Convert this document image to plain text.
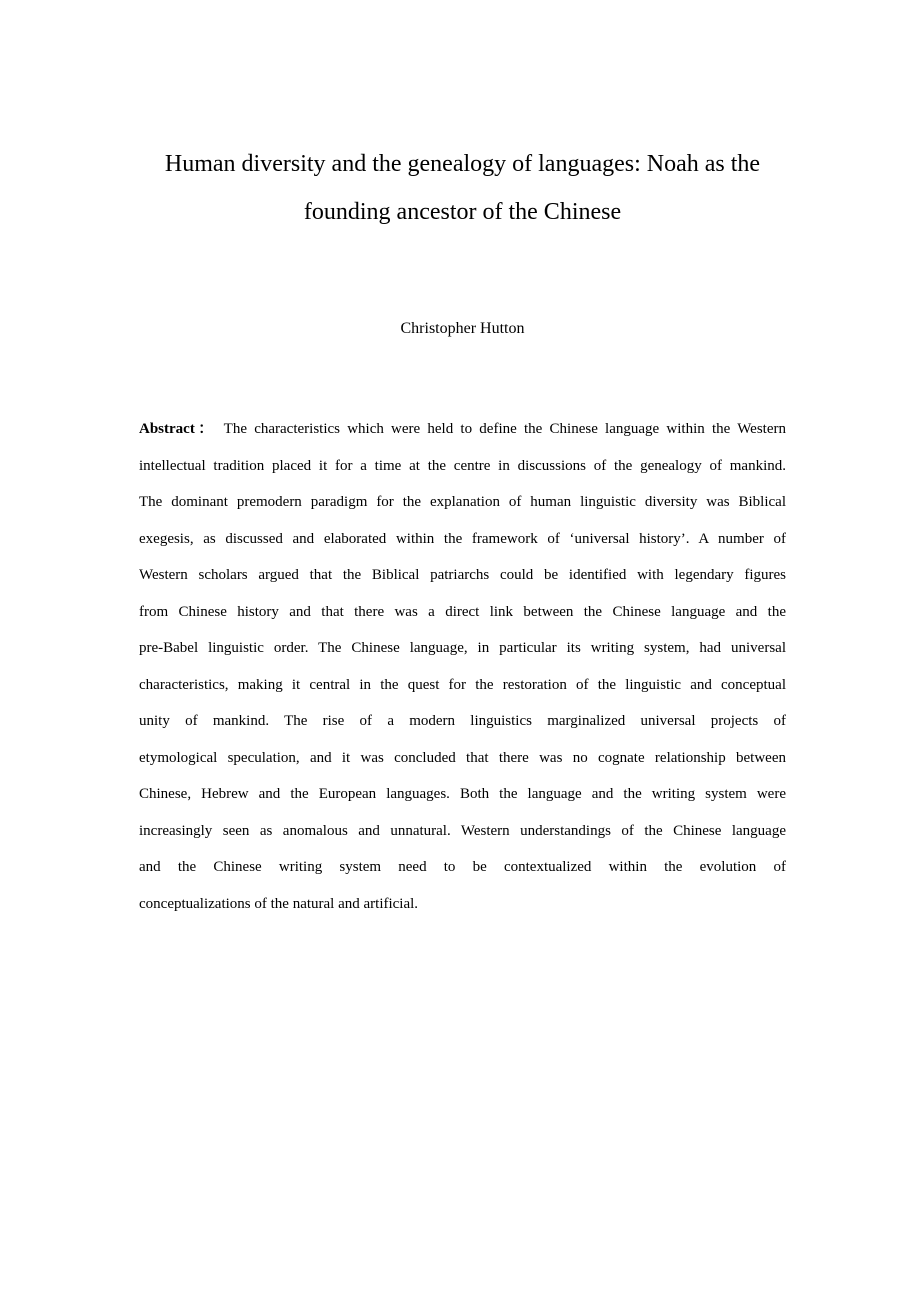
Human diversity and the genealogy of languages: Noah as the
founding ancestor of the Chinese
Christopher Hutton
Abstract： The characteristics which were held to define the Chinese language within the Western
intellectual tradition placed it for a time at the centre in discussions of the genealogy of mankind.
The dominant premodern paradigm for the explanation of human linguistic diversity was Biblical
exegesis, as discussed and elaborated within the framework of ‘universal history’. A number of
Western scholars argued that the Biblical patriarchs could be identified with legendary figures
from Chinese history and that there was a direct link between the Chinese language and the
pre-Babel linguistic order. The Chinese language, in particular its writing system, had universal
characteristics, making it central in the quest for the restoration of the linguistic and conceptual
unity of mankind. The rise of a modern linguistics marginalized universal projects of
etymological speculation, and it was concluded that there was no cognate relationship between
Chinese, Hebrew and the European languages. Both the language and the writing system were
increasingly seen as anomalous and unnatural. Western understandings of the Chinese language
and the Chinese writing system need to be contextualized within the evolution of
conceptualizations of the natural and artificial.
